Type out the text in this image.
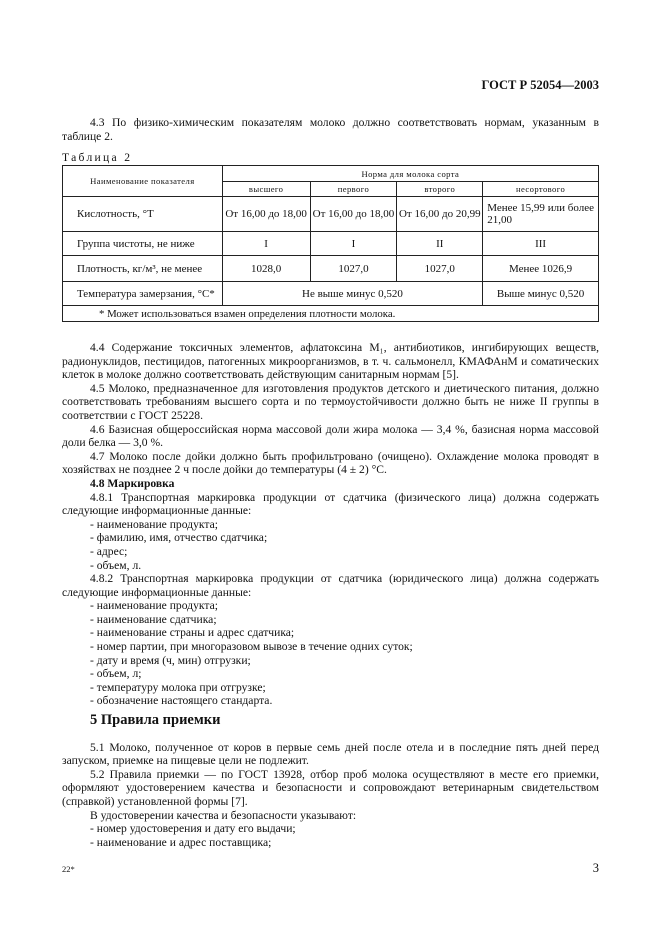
ГОСТ Р 52054—2003

4.3 По физико-химическим показателям молоко должно соответствовать нормам, указанным в таблице 2.

Таблица 2
Наименование показателя	Норма для молока сорта			
	высшего	первого	второго	несортового
Кислотность, °Т	От 16,00 до 18,00	От 16,00 до 18,00	От 16,00 до 20,99	Менее 15,99 или более 21,00
Группа чистоты, не ниже	I	I	II	III
Плотность, кг/м³, не менее	1028,0	1027,0	1027,0	Менее 1026,9
Температура замерзания, °С*	Не выше минус 0,520			Выше минус 0,520
* Может использоваться взамен определения плотности молока.				

4.4 Содержание токсичных элементов, афлатоксина M₁, антибиотиков, ингибирующих веществ, радионуклидов, пестицидов, патогенных микроорганизмов, в т. ч. сальмонелл, КМАФАнМ и соматических клеток в молоке должно соответствовать действующим санитарным нормам [5].

4.5 Молоко, предназначенное для изготовления продуктов детского и диетического питания, должно соответствовать требованиям высшего сорта и по термоустойчивости должно быть не ниже II группы в соответствии с ГОСТ 25228.

4.6 Базисная общероссийская норма массовой доли жира молока — 3,4 %, базисная норма массовой доли белка — 3,0 %.

4.7 Молоко после дойки должно быть профильтровано (очищено). Охлаждение молока проводят в хозяйствах не позднее 2 ч после дойки до температуры (4 ± 2) °С.

4.8 Маркировка

4.8.1 Транспортная маркировка продукции от сдатчика (физического лица) должна содержать следующие информационные данные:

- наименование продукта;
- фамилию, имя, отчество сдатчика;
- адрес;
- объем, л.

4.8.2 Транспортная маркировка продукции от сдатчика (юридического лица) должна содержать следующие информационные данные:

- наименование продукта;
- наименование сдатчика;
- наименование страны и адрес сдатчика;
- номер партии, при многоразовом вывозе в течение одних суток;
- дату и время (ч, мин) отгрузки;
- объем, л;
- температуру молока при отгрузке;
- обозначение настоящего стандарта.

5 Правила приемки

5.1 Молоко, полученное от коров в первые семь дней после отела и в последние пять дней перед запуском, приемке на пищевые цели не подлежит.

5.2 Правила приемки — по ГОСТ 13928, отбор проб молока осуществляют в месте его приемки, оформляют удостоверением качества и безопасности и сопровождают ветеринарным свидетельством (справкой) установленной формы [7].

В удостоверении качества и безопасности указывают:

- номер удостоверения и дату его выдачи;
- наименование и адрес поставщика;
22*	3
